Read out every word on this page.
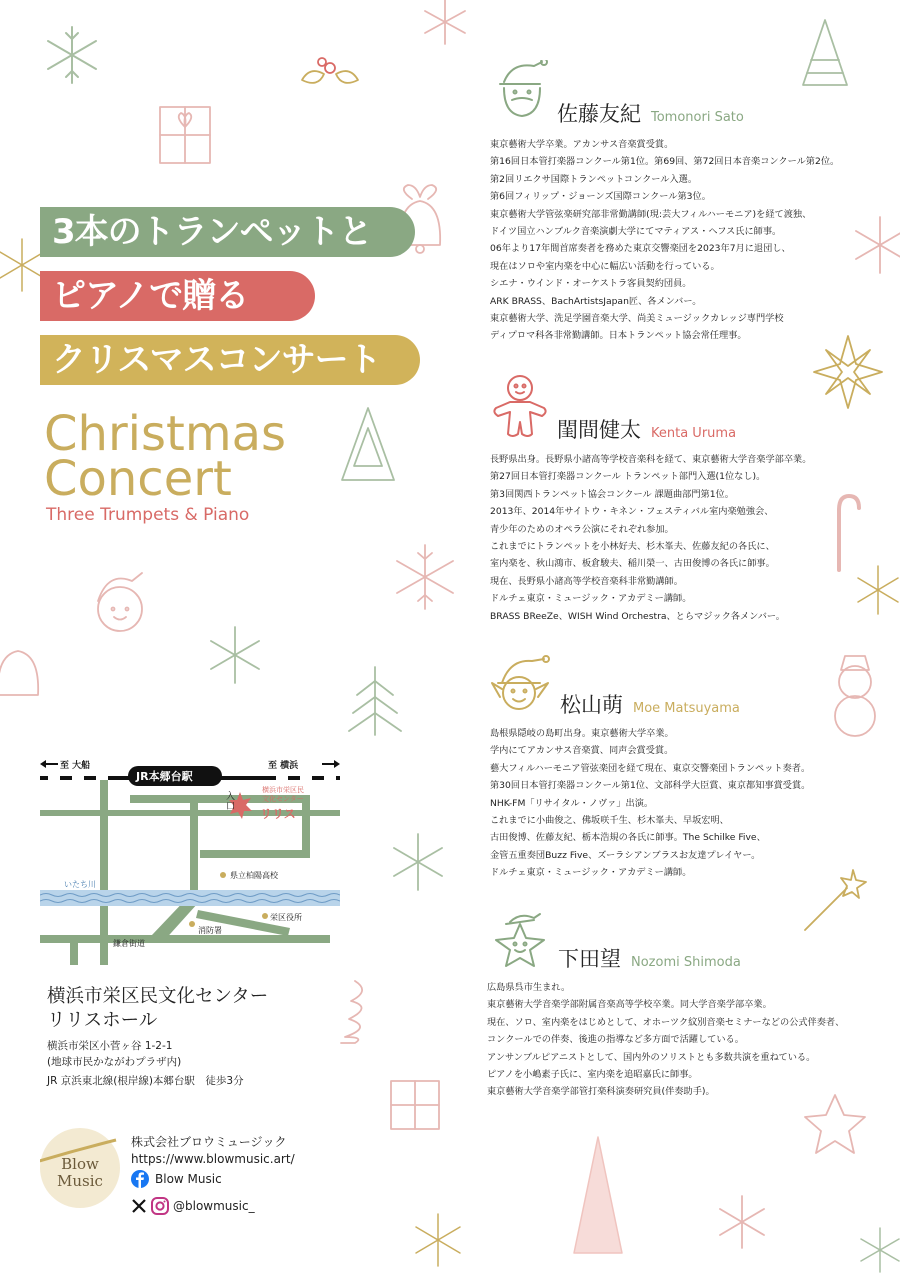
3本のトランペットと
ピアノで贈る
クリスマスコンサート
Christmas
Concert
Three Trumpets & Piano
佐藤友紀 Tomonori Sato
東京藝術大学卒業。アカンサス音楽賞受賞。
第16回日本管打楽器コンクール第1位。第69回、第72回日本音楽コンクール第2位。
第2回リエクサ国際トランペットコンクール入選。
第6回フィリップ・ジョーンズ国際コンクール第3位。
東京藝術大学管弦楽研究部非常勤講師(現:芸大フィルハーモニア)を経て渡独、
ドイツ国立ハンブルク音楽演劇大学にてマティアス・ヘフス氏に師事。
06年より17年間首席奏者を務めた東京交響楽団を2023年7月に退団し、
現在はソロや室内楽を中心に幅広い活動を行っている。
シエナ・ウインド・オーケストラ客員契約団員。
ARK BRASS、BachArtistsJapan匠、各メンバー。
東京藝術大学、洗足学園音楽大学、尚美ミュージックカレッジ専門学校
ディプロマ科各非常勤講師。日本トランペット協会常任理事。
閨間健太 Kenta Uruma
長野県出身。長野県小諸高等学校音楽科を経て、東京藝術大学音楽学部卒業。
第27回日本管打楽器コンクール トランペット部門入選(1位なし)。
第3回関西トランペット協会コンクール 課題曲部門第1位。
2013年、2014年サイトウ・キネン・フェスティバル室内楽勉強会、
青少年のためのオペラ公演にそれぞれ参加。
これまでにトランペットを小林好夫、杉木峯夫、佐藤友紀の各氏に、
室内楽を、秋山鴻市、板倉駿夫、稲川榮一、古田俊博の各氏に師事。
現在、長野県小諸高等学校音楽科非常勤講師。
ドルチェ東京・ミュージック・アカデミー講師。
BRASS BReeZe、WISH Wind Orchestra、とらマジック各メンバー。
松山萌 Moe Matsuyama
島根県隠岐の島町出身。東京藝術大学卒業。
学内にてアカンサス音楽賞、同声会賞受賞。
藝大フィルハーモニア管弦楽団を経て現在、東京交響楽団トランペット奏者。
第30回日本管打楽器コンクール第1位、文部科学大臣賞、東京都知事賞受賞。
NHK-FM「リサイタル・ノヴァ」出演。
これまでに小曲俊之、佛坂咲千生、杉木峯夫、早坂宏明、
古田俊博、佐藤友紀、栃本浩規の各氏に師事。The Schilke Five、
金管五重奏団Buzz Five、ズーラシアンブラスお友達プレイヤー。
ドルチェ東京・ミュージック・アカデミー講師。
下田望 Nozomi Shimoda
広島県呉市生まれ。
東京藝術大学音楽学部附属音楽高等学校卒業。同大学音楽学部卒業。
現在、ソロ、室内楽をはじめとして、オホーツク紋別音楽セミナーなどの公式伴奏者、
コンクールでの伴奏、後進の指導など多方面で活躍している。
アンサンブルピアニストとして、国内外のソリストとも多数共演を重ねている。
ピアノを小嶋素子氏に、室内楽を追昭嘉氏に師事。
東京藝術大学音楽学部管打楽科演奏研究員(伴奏助手)。
至 大船	至 横浜
JR本郷台駅
入口
横浜市栄区民
文化センター
リリス
県立柏陽高校
いたち川
消防署
栄区役所
鎌倉街道
横浜市栄区民文化センター
リリスホール
横浜市栄区小菅ヶ谷 1-2-1
(地球市民かながわプラザ内)
JR 京浜東北線(根岸線)本郷台駅　徒歩3分
Blow
Music
株式会社ブロウミュージック
https://www.blowmusic.art/
Blow Music
@blowmusic_
